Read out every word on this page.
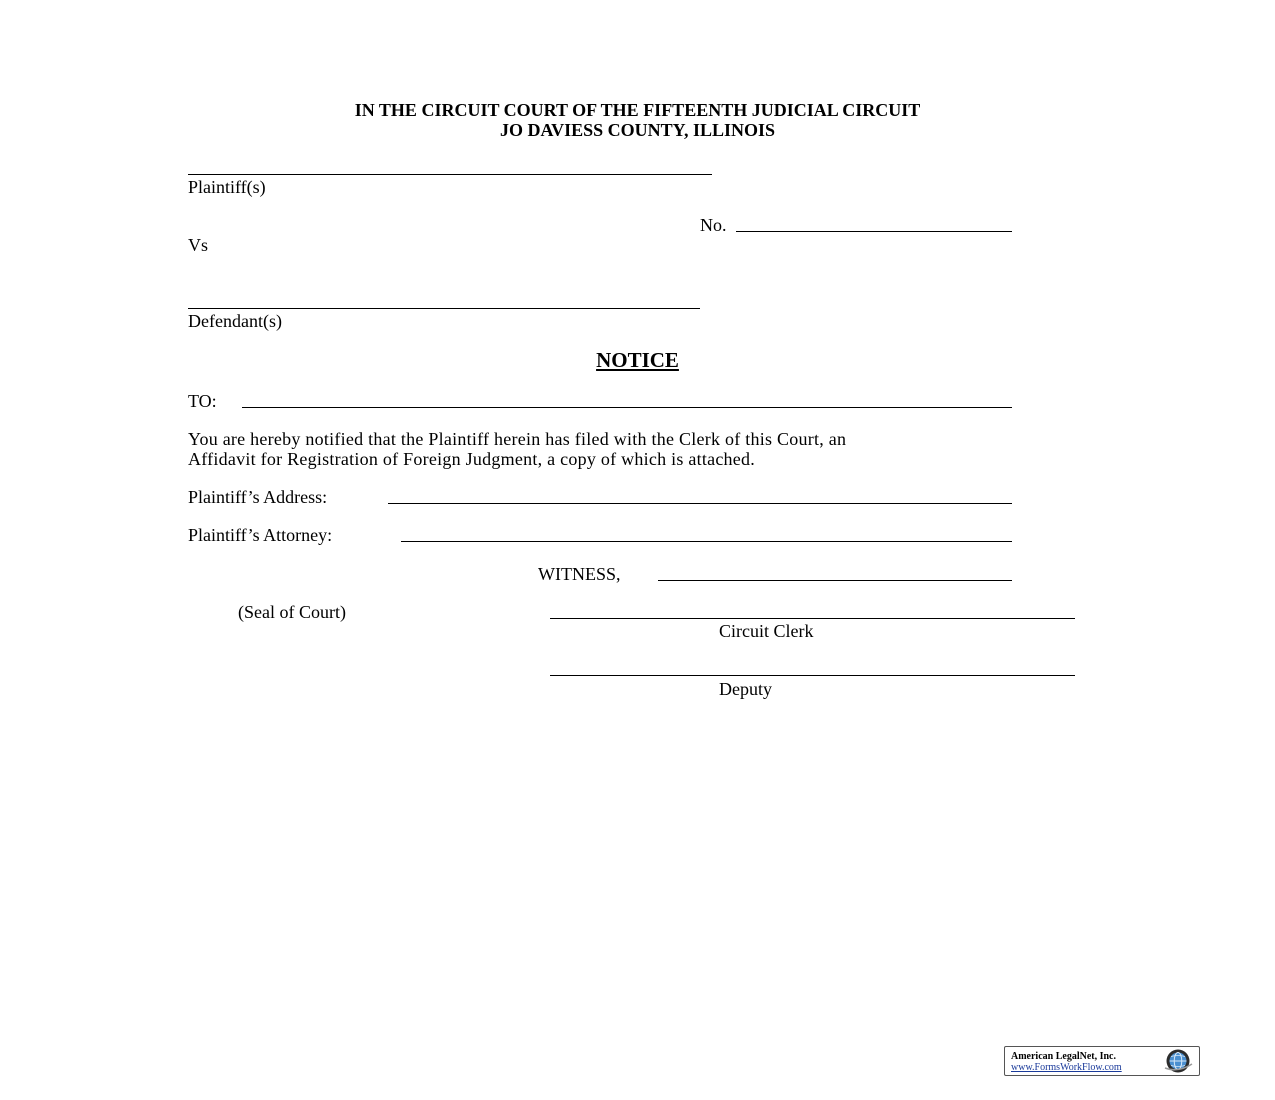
IN THE CIRCUIT COURT OF THE FIFTEENTH JUDICIAL CIRCUIT
JO DAVIESS COUNTY, ILLINOIS
Plaintiff(s)
No.
Vs
Defendant(s)
NOTICE
TO:
You are hereby notified that the Plaintiff herein has filed with the Clerk of this Court, an
Affidavit for Registration of Foreign Judgment, a copy of which is attached.
Plaintiff’s Address:
Plaintiff’s Attorney:
WITNESS,
(Seal of Court)
Circuit Clerk
Deputy
American LegalNet, Inc.
www.FormsWorkFlow.com
